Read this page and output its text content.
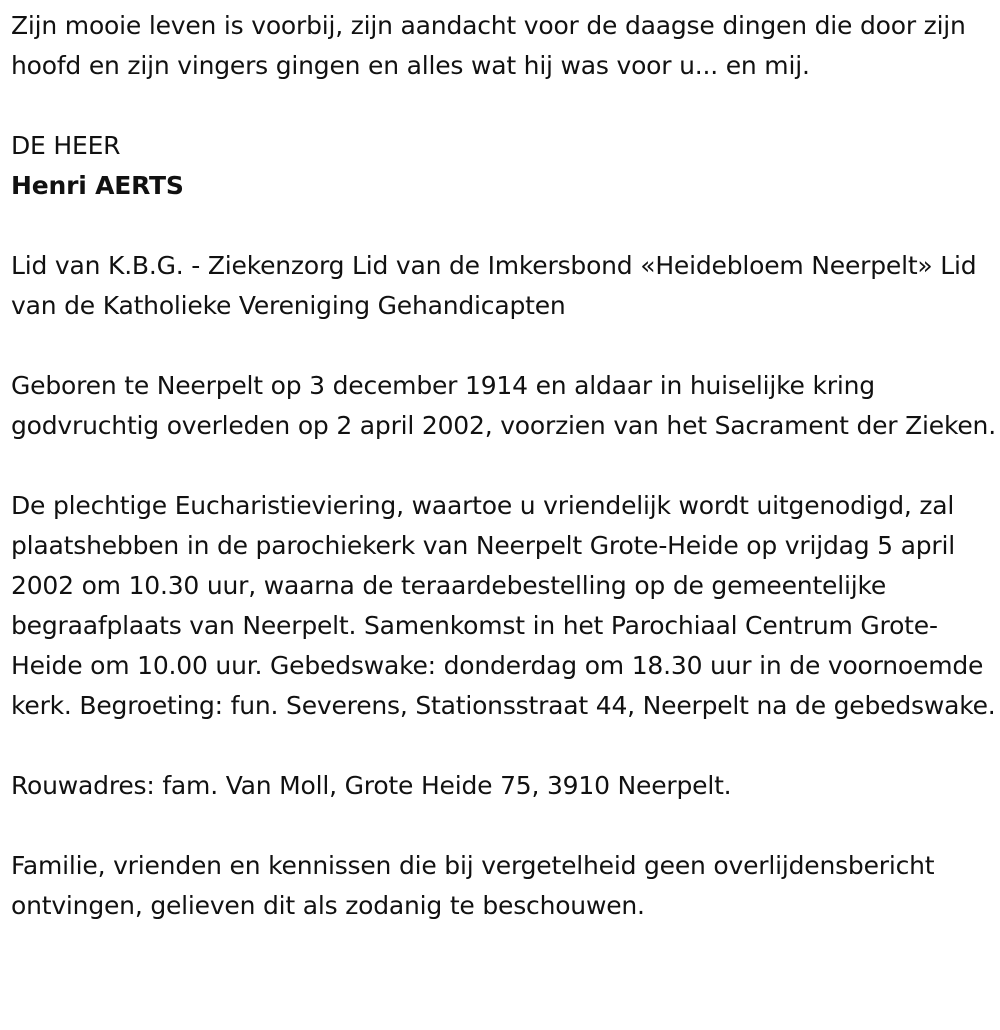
Zijn mooie leven is voorbij, zijn aandacht voor de daagse dingen die door zijn hoofd en zijn vingers gingen en alles wat hij was voor u... en mij.

DE HEER

Henri AERTS

Lid van K.B.G. - Ziekenzorg Lid van de Imkersbond «Heidebloem Neerpelt» Lid van de Katholieke Vereniging Gehandicapten

Geboren te Neerpelt op 3 december 1914 en aldaar in huiselijke kring godvruchtig overleden op 2 april 2002, voorzien van het Sacrament der Zieken.

De plechtige Eucharistieviering, waartoe u vriendelijk wordt uitgenodigd, zal plaatshebben in de parochiekerk van Neerpelt Grote-Heide op vrijdag 5 april 2002 om 10.30 uur, waarna de teraardebestelling op de gemeentelijke begraafplaats van Neerpelt. Samenkomst in het Parochiaal Centrum Grote-Heide om 10.00 uur. Gebedswake: donderdag om 18.30 uur in de voornoemde kerk. Begroeting: fun. Severens, Stationsstraat 44, Neerpelt na de gebedswake.

Rouwadres: fam. Van Moll, Grote Heide 75, 3910 Neerpelt.

Familie, vrienden en kennissen die bij vergetelheid geen overlijdensbericht ontvingen, gelieven dit als zodanig te beschouwen.
